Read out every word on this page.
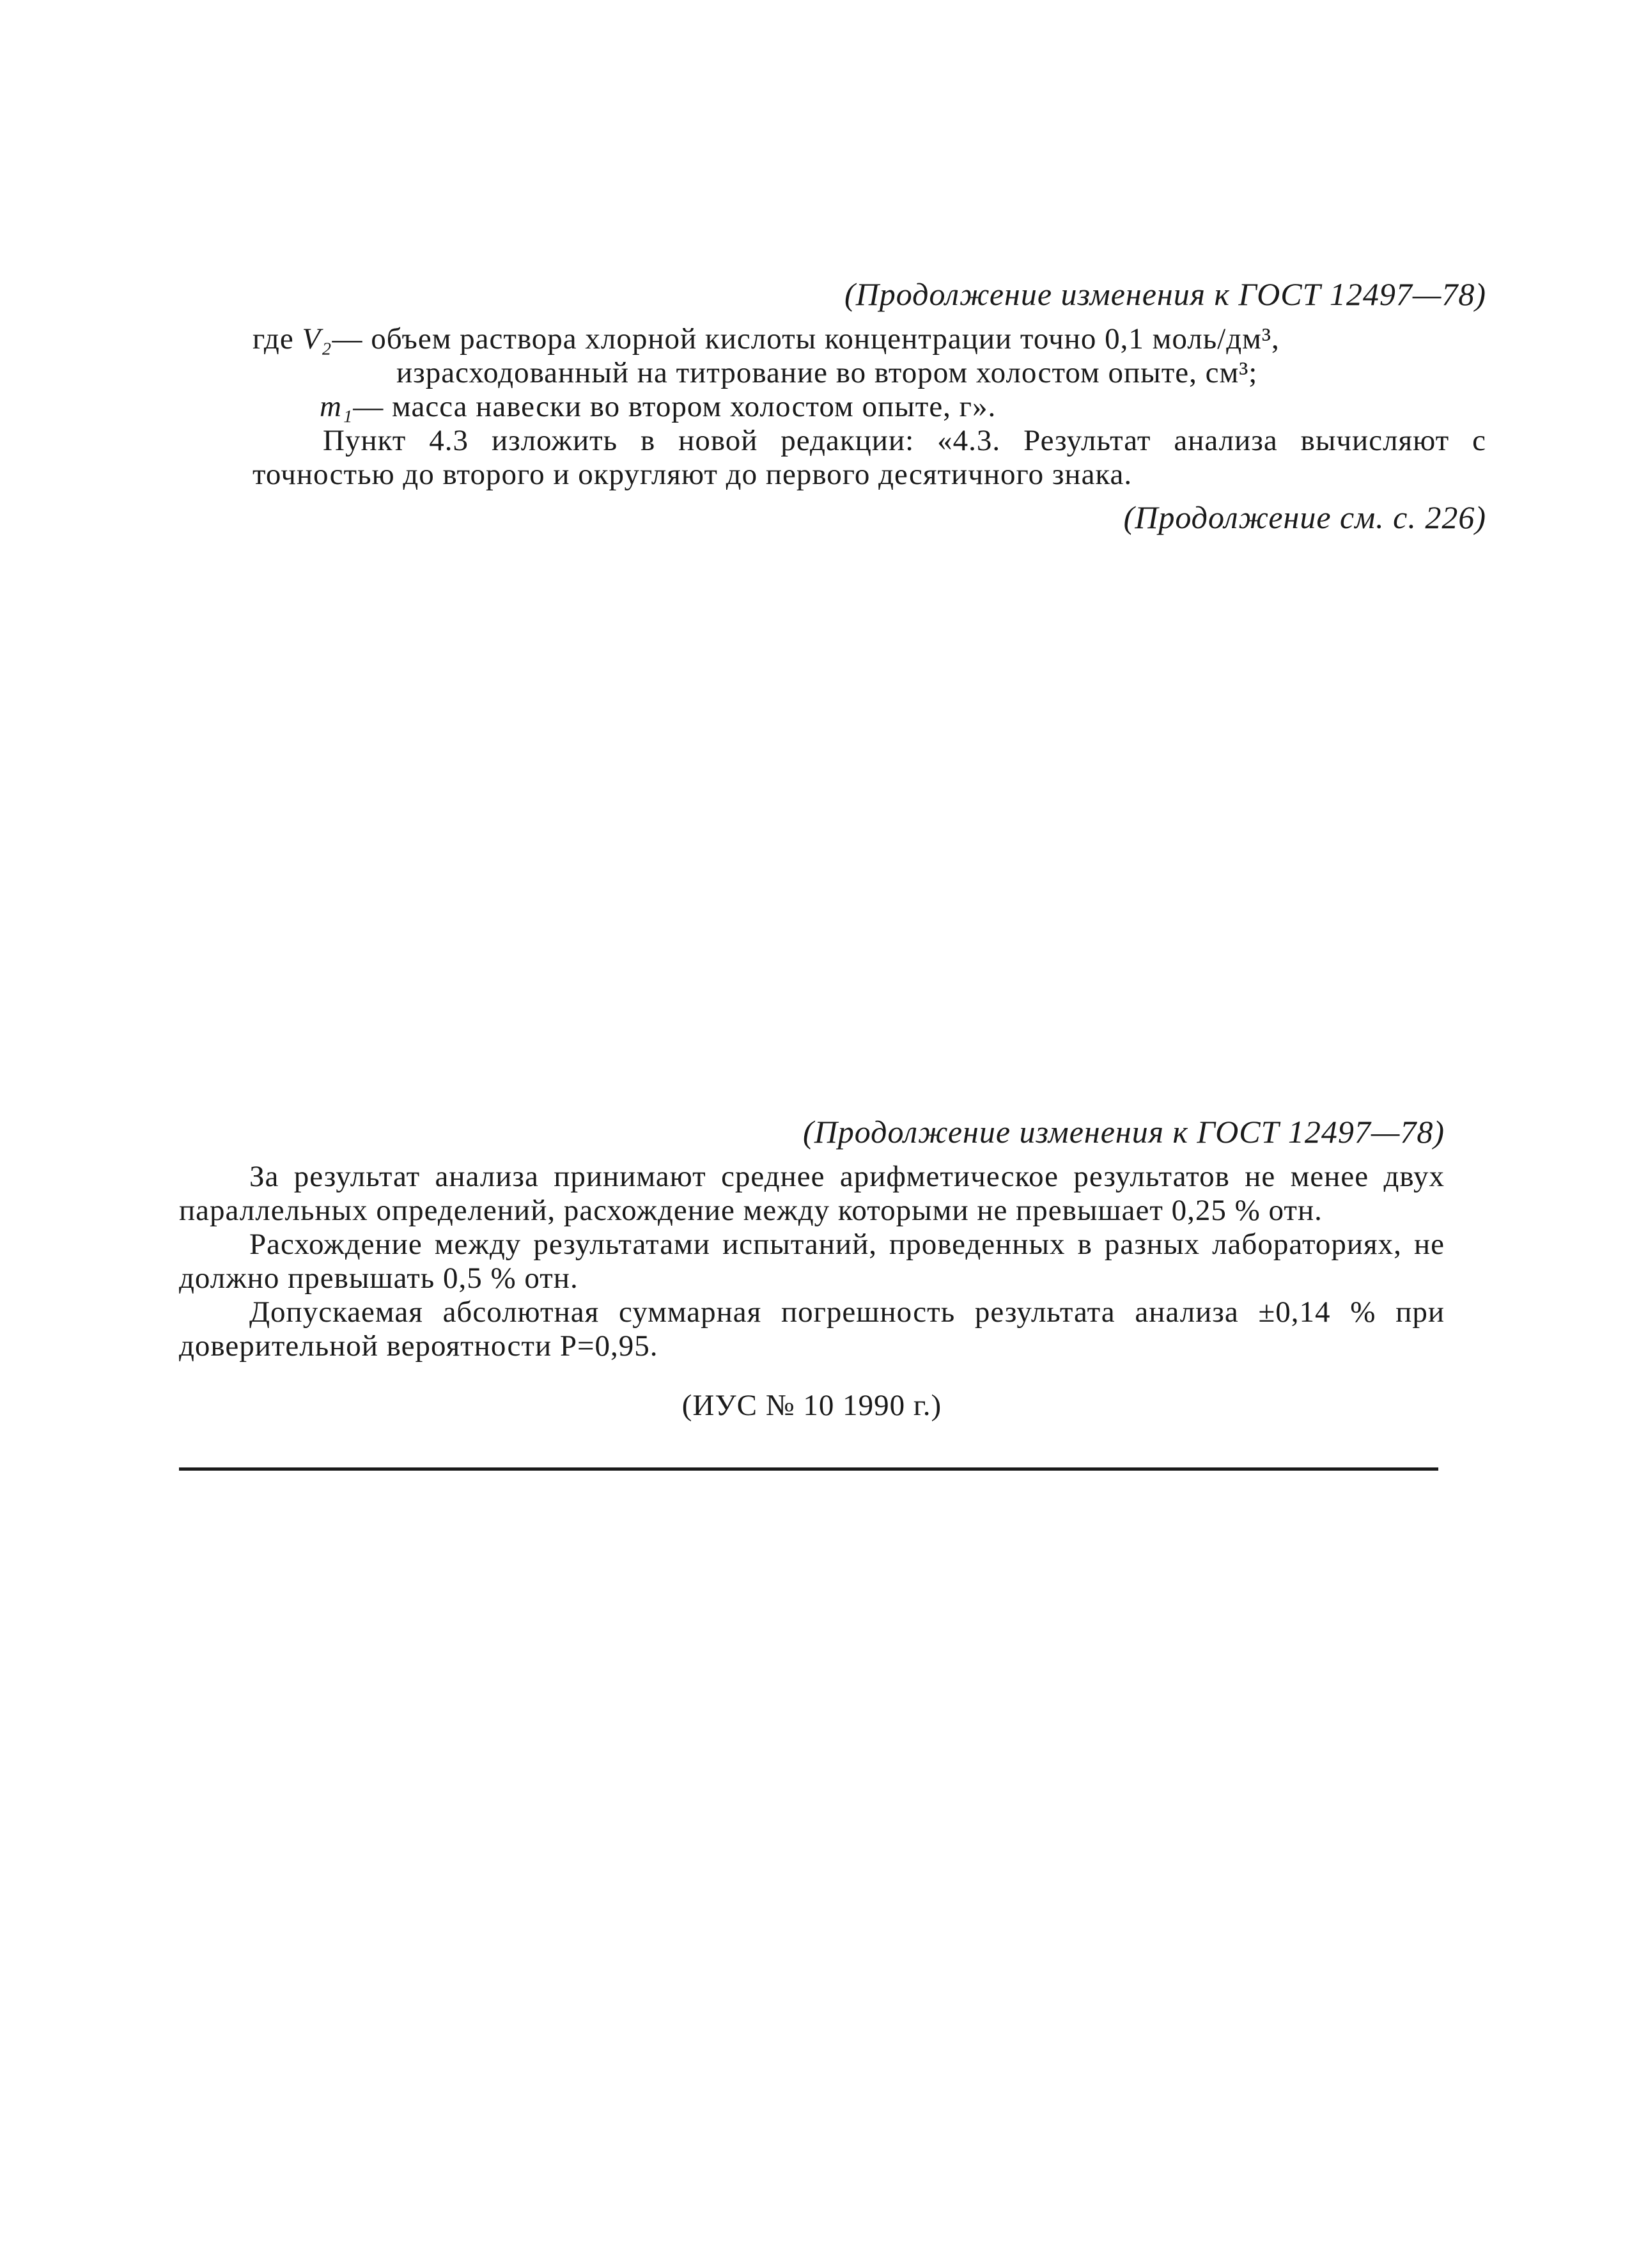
(Продолжение изменения к ГОСТ 12497—78)

где
V₂ — объем раствора хлорной кислоты концентрации точно 0,1 моль/дм³,

израсходованный на титрование во втором холостом опыте, см³;

m₁ — масса навески во втором холостом опыте, г».

Пункт 4.3 изложить в новой редакции: «4.3. Результат анализа вычисляют с точностью до второго и округляют до первого десятичного знака.

(Продолжение см. с. 226)

(Продолжение изменения к ГОСТ 12497—78)

За результат анализа принимают среднее арифметическое результатов не менее двух параллельных определений, расхождение между которыми не превышает 0,25 % отн.

Расхождение между результатами испытаний, проведенных в разных лабораториях, не должно превышать 0,5 % отн.

Допускаемая абсолютная суммарная погрешность результата анализа ±0,14 % при доверительной вероятности P=0,95.

(ИУС № 10 1990 г.)
